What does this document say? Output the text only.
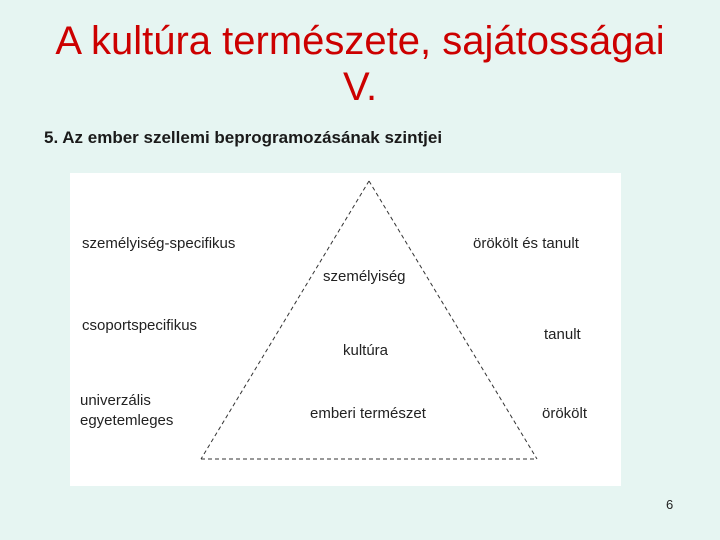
A kultúra természete, sajátosságai
V.
5. Az ember szellemi beprogramozásának szintjei
személyiség-specifikus
csoportspecifikus
univerzális
egyetemleges
személyiség
kultúra
emberi természet
örökölt és tanult
tanult
örökölt
6
